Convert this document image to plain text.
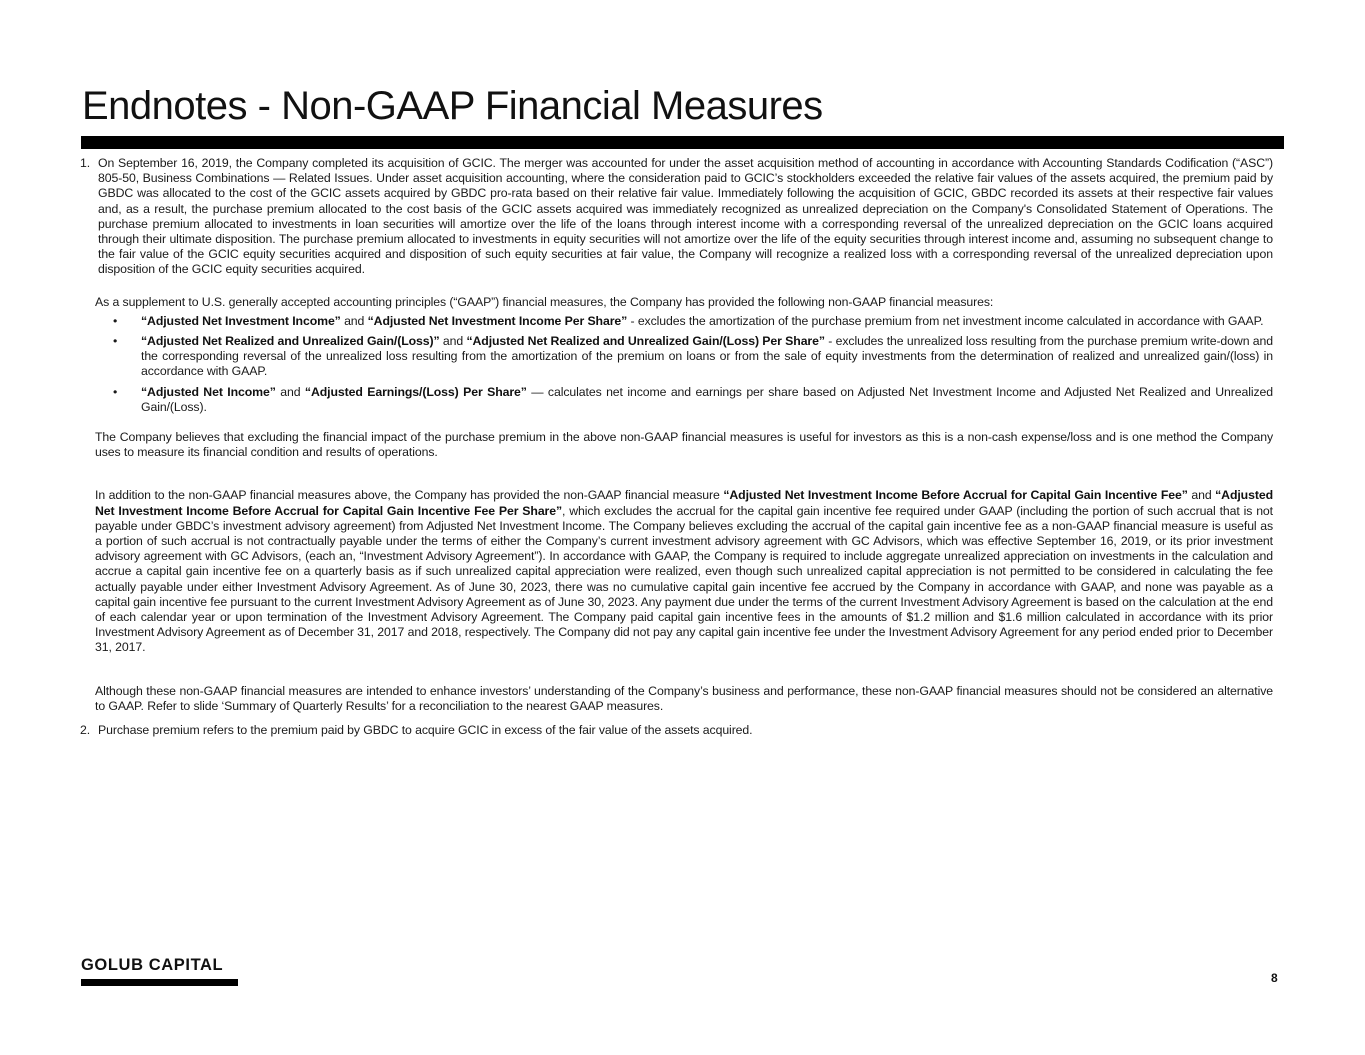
Endnotes - Non-GAAP Financial Measures
1. On September 16, 2019, the Company completed its acquisition of GCIC. The merger was accounted for under the asset acquisition method of accounting in accordance with Accounting Standards Codification (“ASC”) 805-50, Business Combinations — Related Issues. Under asset acquisition accounting, where the consideration paid to GCIC’s stockholders exceeded the relative fair values of the assets acquired, the premium paid by GBDC was allocated to the cost of the GCIC assets acquired by GBDC pro-rata based on their relative fair value. Immediately following the acquisition of GCIC, GBDC recorded its assets at their respective fair values and, as a result, the purchase premium allocated to the cost basis of the GCIC assets acquired was immediately recognized as unrealized depreciation on the Company's Consolidated Statement of Operations. The purchase premium allocated to investments in loan securities will amortize over the life of the loans through interest income with a corresponding reversal of the unrealized depreciation on the GCIC loans acquired through their ultimate disposition. The purchase premium allocated to investments in equity securities will not amortize over the life of the equity securities through interest income and, assuming no subsequent change to the fair value of the GCIC equity securities acquired and disposition of such equity securities at fair value, the Company will recognize a realized loss with a corresponding reversal of the unrealized depreciation upon disposition of the GCIC equity securities acquired.

As a supplement to U.S. generally accepted accounting principles (“GAAP”) financial measures, the Company has provided the following non-GAAP financial measures:

•	“Adjusted Net Investment Income” and “Adjusted Net Investment Income Per Share” - excludes the amortization of the purchase premium from net investment income calculated in accordance with GAAP.
•	“Adjusted Net Realized and Unrealized Gain/(Loss)” and “Adjusted Net Realized and Unrealized Gain/(Loss) Per Share” - excludes the unrealized loss resulting from the purchase premium write-down and the corresponding reversal of the unrealized loss resulting from the amortization of the premium on loans or from the sale of equity investments from the determination of realized and unrealized gain/(loss) in accordance with GAAP.
•	“Adjusted Net Income” and “Adjusted Earnings/(Loss) Per Share” — calculates net income and earnings per share based on Adjusted Net Investment Income and Adjusted Net Realized and Unrealized Gain/(Loss).

The Company believes that excluding the financial impact of the purchase premium in the above non-GAAP financial measures is useful for investors as this is a non-cash expense/loss and is one method the Company uses to measure its financial condition and results of operations.

In addition to the non-GAAP financial measures above, the Company has provided the non-GAAP financial measure “Adjusted Net Investment Income Before Accrual for Capital Gain Incentive Fee” and “Adjusted Net Investment Income Before Accrual for Capital Gain Incentive Fee Per Share”, which excludes the accrual for the capital gain incentive fee required under GAAP (including the portion of such accrual that is not payable under GBDC’s investment advisory agreement) from Adjusted Net Investment Income. The Company believes excluding the accrual of the capital gain incentive fee as a non-GAAP financial measure is useful as a portion of such accrual is not contractually payable under the terms of either the Company’s current investment advisory agreement with GC Advisors, which was effective September 16, 2019, or its prior investment advisory agreement with GC Advisors, (each an, “Investment Advisory Agreement”). In accordance with GAAP, the Company is required to include aggregate unrealized appreciation on investments in the calculation and accrue a capital gain incentive fee on a quarterly basis as if such unrealized capital appreciation were realized, even though such unrealized capital appreciation is not permitted to be considered in calculating the fee actually payable under either Investment Advisory Agreement. As of June 30, 2023, there was no cumulative capital gain incentive fee accrued by the Company in accordance with GAAP, and none was payable as a capital gain incentive fee pursuant to the current Investment Advisory Agreement as of June 30, 2023. Any payment due under the terms of the current Investment Advisory Agreement is based on the calculation at the end of each calendar year or upon termination of the Investment Advisory Agreement. The Company paid capital gain incentive fees in the amounts of $1.2 million and $1.6 million calculated in accordance with its prior Investment Advisory Agreement as of December 31, 2017 and 2018, respectively. The Company did not pay any capital gain incentive fee under the Investment Advisory Agreement for any period ended prior to December 31, 2017.

Although these non-GAAP financial measures are intended to enhance investors’ understanding of the Company’s business and performance, these non-GAAP financial measures should not be considered an alternative to GAAP. Refer to slide ‘Summary of Quarterly Results’ for a reconciliation to the nearest GAAP measures.

2. Purchase premium refers to the premium paid by GBDC to acquire GCIC in excess of the fair value of the assets acquired.

GOLUB CAPITAL
8
